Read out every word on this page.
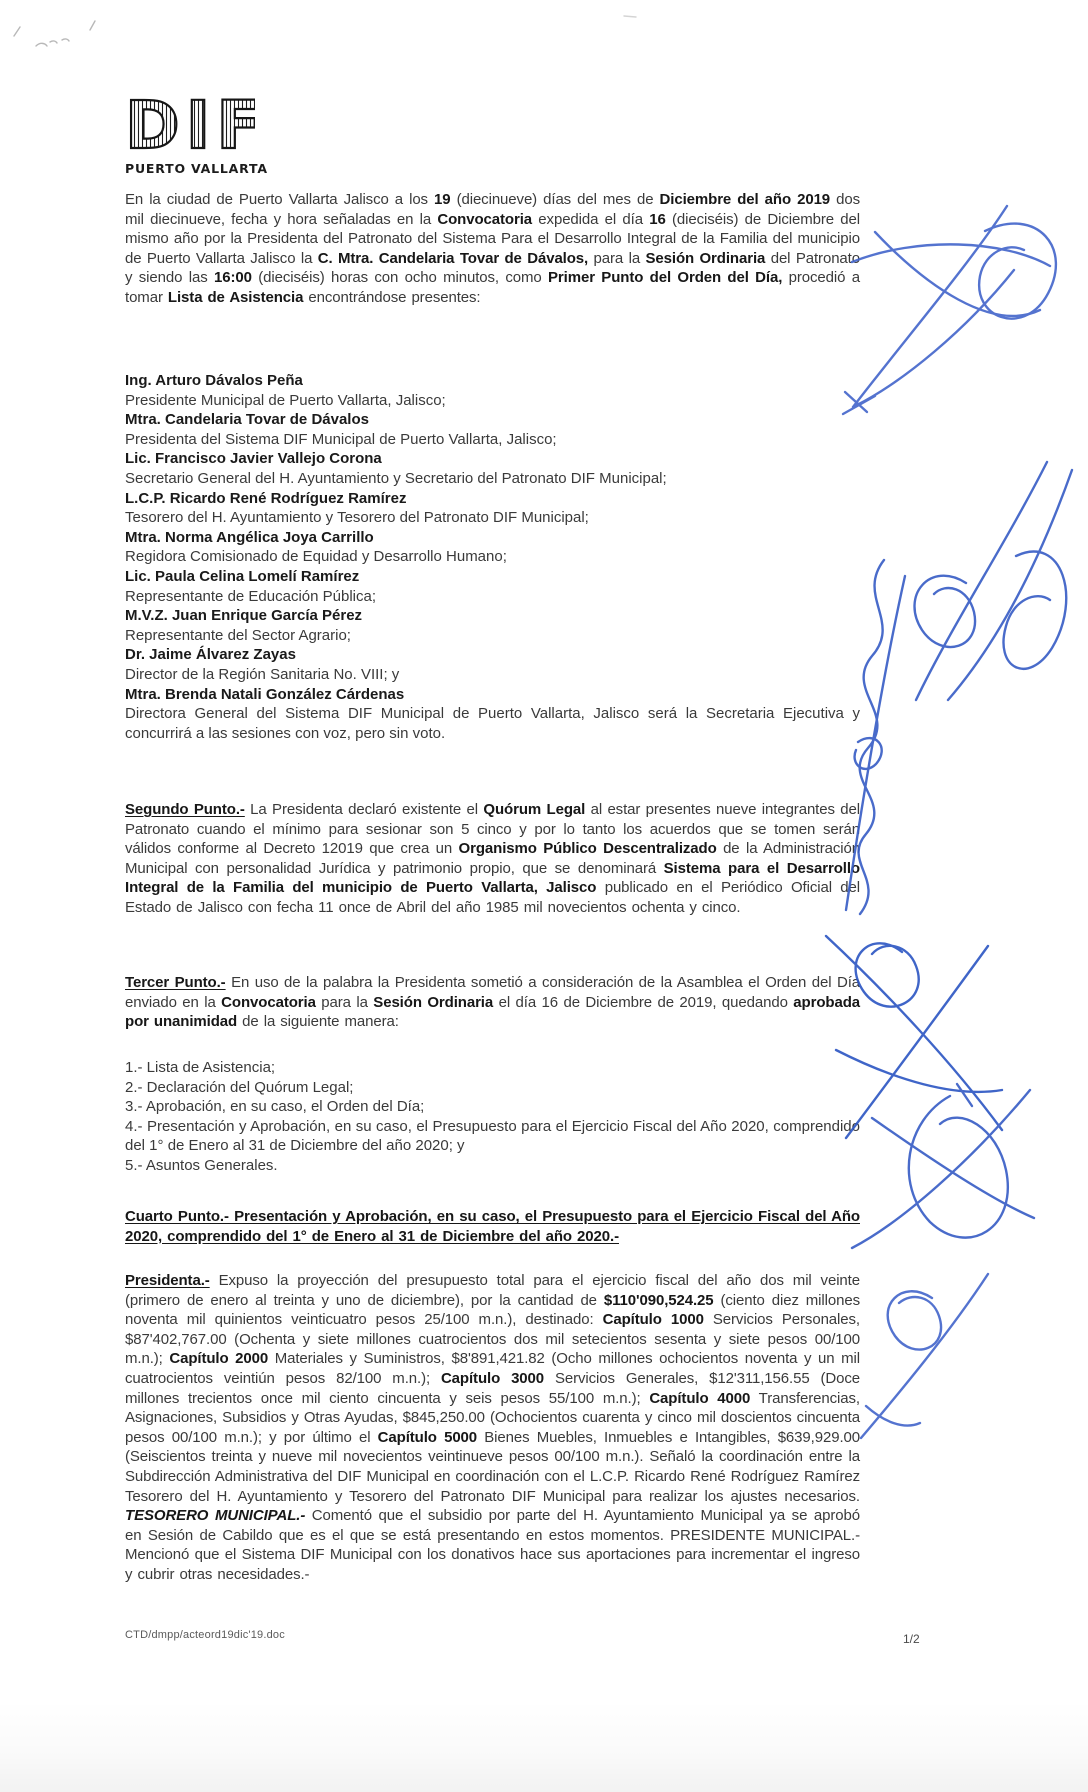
DIF
PUERTO VALLARTA
En la ciudad de Puerto Vallarta Jalisco a los 19 (diecinueve) días del mes de Diciembre del año 2019 dos mil diecinueve, fecha y hora señaladas en la Convocatoria expedida el día 16 (dieciséis) de Diciembre del mismo año por la Presidenta del Patronato del Sistema Para el Desarrollo Integral de la Familia del municipio de Puerto Vallarta Jalisco la C. Mtra. Candelaria Tovar de Dávalos, para la Sesión Ordinaria del Patronato y siendo las 16:00 (dieciséis) horas con ocho minutos, como Primer Punto del Orden del Día, procedió a tomar Lista de Asistencia encontrándose presentes:
Ing. Arturo Dávalos Peña
Presidente Municipal de Puerto Vallarta, Jalisco;
Mtra. Candelaria Tovar de Dávalos
Presidenta del Sistema DIF Municipal de Puerto Vallarta, Jalisco;
Lic. Francisco Javier Vallejo Corona
Secretario General del H. Ayuntamiento y Secretario del Patronato DIF Municipal;
L.C.P. Ricardo René Rodríguez Ramírez
Tesorero del H. Ayuntamiento y Tesorero del Patronato DIF Municipal;
Mtra. Norma Angélica Joya Carrillo
Regidora Comisionado de Equidad y Desarrollo Humano;
Lic. Paula Celina Lomelí Ramírez
Representante de Educación Pública;
M.V.Z. Juan Enrique García Pérez
Representante del Sector Agrario;
Dr. Jaime Álvarez Zayas
Director de la Región Sanitaria No. VIII; y
Mtra. Brenda Natali González Cárdenas
Directora General del Sistema DIF Municipal de Puerto Vallarta, Jalisco será la Secretaria Ejecutiva y concurrirá a las sesiones con voz, pero sin voto.
Segundo Punto.- La Presidenta declaró existente el Quórum Legal al estar presentes nueve integrantes del Patronato cuando el mínimo para sesionar son 5 cinco y por lo tanto los acuerdos que se tomen serán válidos conforme al Decreto 12019 que crea un Organismo Público Descentralizado de la Administración Municipal con personalidad Jurídica y patrimonio propio, que se denominará Sistema para el Desarrollo Integral de la Familia del municipio de Puerto Vallarta, Jalisco publicado en el Periódico Oficial del Estado de Jalisco con fecha 11 once de Abril del año 1985 mil novecientos ochenta y cinco.
Tercer Punto.- En uso de la palabra la Presidenta sometió a consideración de la Asamblea el Orden del Día enviado en la Convocatoria para la Sesión Ordinaria el día 16 de Diciembre de 2019, quedando aprobada por unanimidad de la siguiente manera:
1.- Lista de Asistencia;
2.- Declaración del Quórum Legal;
3.- Aprobación, en su caso, el Orden del Día;
4.- Presentación y Aprobación, en su caso, el Presupuesto para el Ejercicio Fiscal del Año 2020, comprendido del 1° de Enero al 31 de Diciembre del año 2020; y
5.- Asuntos Generales.
Cuarto Punto.- Presentación y Aprobación, en su caso, el Presupuesto para el Ejercicio Fiscal del Año 2020, comprendido del 1° de Enero al 31 de Diciembre del año 2020.-
Presidenta.- Expuso la proyección del presupuesto total para el ejercicio fiscal del año dos mil veinte (primero de enero al treinta y uno de diciembre), por la cantidad de $110'090,524.25 (ciento diez millones noventa mil quinientos veinticuatro pesos 25/100 m.n.), destinado: Capítulo 1000 Servicios Personales, $87'402,767.00 (Ochenta y siete millones cuatrocientos dos mil setecientos sesenta y siete pesos 00/100 m.n.); Capítulo 2000 Materiales y Suministros, $8'891,421.82 (Ocho millones ochocientos noventa y un mil cuatrocientos veintiún pesos 82/100 m.n.); Capítulo 3000 Servicios Generales, $12'311,156.55 (Doce millones trecientos once mil ciento cincuenta y seis pesos 55/100 m.n.); Capítulo 4000 Transferencias, Asignaciones, Subsidios y Otras Ayudas, $845,250.00 (Ochocientos cuarenta y cinco mil doscientos cincuenta pesos 00/100 m.n.); y por último el Capítulo 5000 Bienes Muebles, Inmuebles e Intangibles, $639,929.00 (Seiscientos treinta y nueve mil novecientos veintinueve pesos 00/100 m.n.). Señaló la coordinación entre la Subdirección Administrativa del DIF Municipal en coordinación con el L.C.P. Ricardo René Rodríguez Ramírez Tesorero del H. Ayuntamiento y Tesorero del Patronato DIF Municipal para realizar los ajustes necesarios. TESORERO MUNICIPAL.- Comentó que el subsidio por parte del H. Ayuntamiento Municipal ya se aprobó en Sesión de Cabildo que es el que se está presentando en estos momentos. PRESIDENTE MUNICIPAL.- Mencionó que el Sistema DIF Municipal con los donativos hace sus aportaciones para incrementar el ingreso y cubrir otras necesidades.-
CTD/dmpp/acteord19dic'19.doc	1/2
